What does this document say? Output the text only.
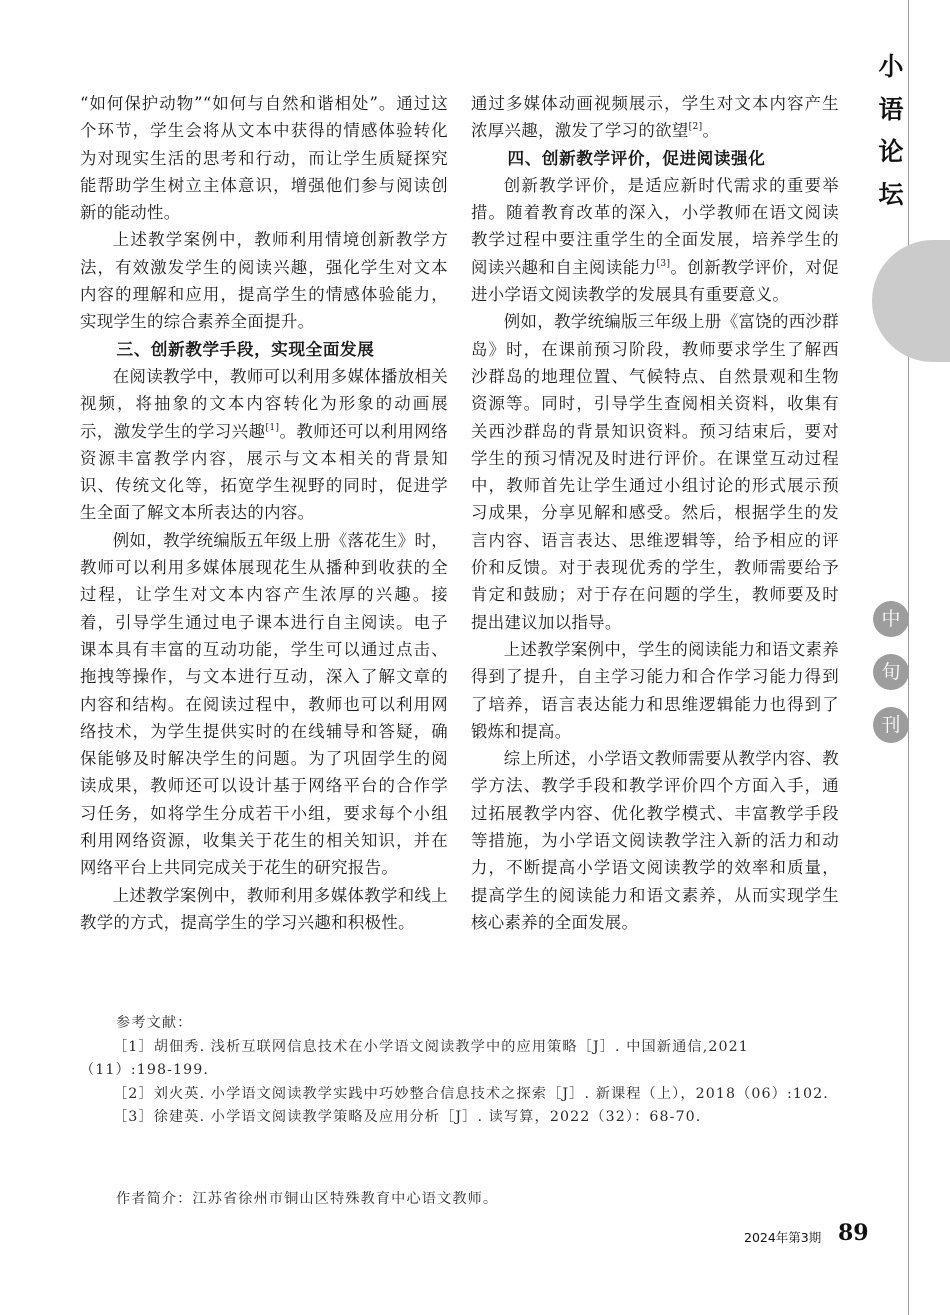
“如何保护动物”“如何与自然和谐相处”。通过这个环节，学生会将从文本中获得的情感体验转化为对现实生活的思考和行动，而让学生质疑探究能帮助学生树立主体意识，增强他们参与阅读创新的能动性。

上述教学案例中，教师利用情境创新教学方法，有效激发学生的阅读兴趣，强化学生对文本内容的理解和应用，提高学生的情感体验能力，实现学生的综合素养全面提升。

三、创新教学手段，实现全面发展

在阅读教学中，教师可以利用多媒体播放相关视频，将抽象的文本内容转化为形象的动画展示，激发学生的学习兴趣[1]。教师还可以利用网络资源丰富教学内容，展示与文本相关的背景知识、传统文化等，拓宽学生视野的同时，促进学生全面了解文本所表达的内容。

例如，教学统编版五年级上册《落花生》时，教师可以利用多媒体展现花生从播种到收获的全过程，让学生对文本内容产生浓厚的兴趣。接着，引导学生通过电子课本进行自主阅读。电子课本具有丰富的互动功能，学生可以通过点击、拖拽等操作，与文本进行互动，深入了解文章的内容和结构。在阅读过程中，教师也可以利用网络技术，为学生提供实时的在线辅导和答疑，确保能够及时解决学生的问题。为了巩固学生的阅读成果，教师还可以设计基于网络平台的合作学习任务，如将学生分成若干小组，要求每个小组利用网络资源，收集关于花生的相关知识，并在网络平台上共同完成关于花生的研究报告。

上述教学案例中，教师利用多媒体教学和线上教学的方式，提高学生的学习兴趣和积极性。

通过多媒体动画视频展示，学生对文本内容产生浓厚兴趣，激发了学习的欲望[2]。

四、创新教学评价，促进阅读强化

创新教学评价，是适应新时代需求的重要举措。随着教育改革的深入，小学教师在语文阅读教学过程中要注重学生的全面发展，培养学生的阅读兴趣和自主阅读能力[3]。创新教学评价，对促进小学语文阅读教学的发展具有重要意义。

例如，教学统编版三年级上册《富饶的西沙群岛》时，在课前预习阶段，教师要求学生了解西沙群岛的地理位置、气候特点、自然景观和生物资源等。同时，引导学生查阅相关资料，收集有关西沙群岛的背景知识资料。预习结束后，要对学生的预习情况及时进行评价。在课堂互动过程中，教师首先让学生通过小组讨论的形式展示预习成果，分享见解和感受。然后，根据学生的发言内容、语言表达、思维逻辑等，给予相应的评价和反馈。对于表现优秀的学生，教师需要给予肯定和鼓励；对于存在问题的学生，教师要及时提出建议加以指导。

上述教学案例中，学生的阅读能力和语文素养得到了提升，自主学习能力和合作学习能力得到了培养，语言表达能力和思维逻辑能力也得到了锻炼和提高。

综上所述，小学语文教师需要从教学内容、教学方法、教学手段和教学评价四个方面入手，通过拓展教学内容、优化教学模式、丰富教学手段等措施，为小学语文阅读教学注入新的活力和动力，不断提高小学语文阅读教学的效率和质量，提高学生的阅读能力和语文素养，从而实现学生核心素养的全面发展。

参考文献：
［1］胡佃秀. 浅析互联网信息技术在小学语文阅读教学中的应用策略［J］. 中国新通信,2021（11）:198-199.
［2］刘火英. 小学语文阅读教学实践中巧妙整合信息技术之探索［J］. 新课程（上），2018（06）:102.
［3］徐建英. 小学语文阅读教学策略及应用分析［J］. 读写算，2022（32）：68-70.
作者简介：江苏省徐州市铜山区特殊教育中心语文教师。
小
语
论
坛
中
旬
刊
2024年第3期 89
